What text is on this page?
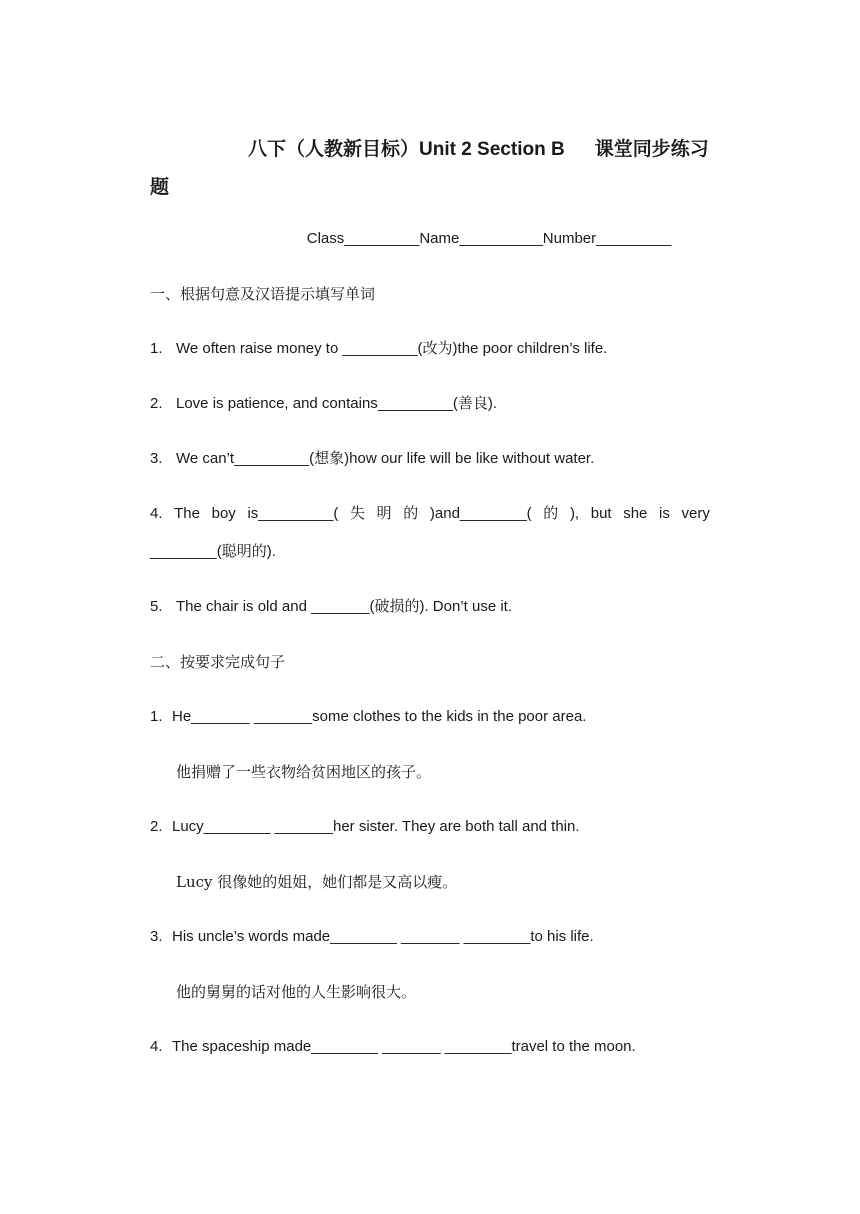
八下（人教新目标）Unit 2 Section B 课堂同步练习
题
Class_________Name__________Number_________
一、根据句意及汉语提示填写单词
1. We often raise money to _________(改为)the poor children’s life.
2. Love is patience, and contains_________(善良).
3. We can’t_________(想象)how our life will be like without water.
4. The boy is_________( 失 明 的 )and________( 的 ), but she is very
________(聪明的).
5. The chair is old and _______(破损的). Don’t use it.
二、按要求完成句子
1. He_______ _______some clothes to the kids in the poor area.
他捐赠了一些衣物给贫困地区的孩子。
2. Lucy________ _______her sister. They are both tall and thin.
Lucy 很像她的姐姐，她们都是又高以瘦。
3. His uncle’s words made________ _______ ________to his life.
他的舅舅的话对他的人生影响很大。
4. The spaceship made________ _______ ________travel to the moon.
